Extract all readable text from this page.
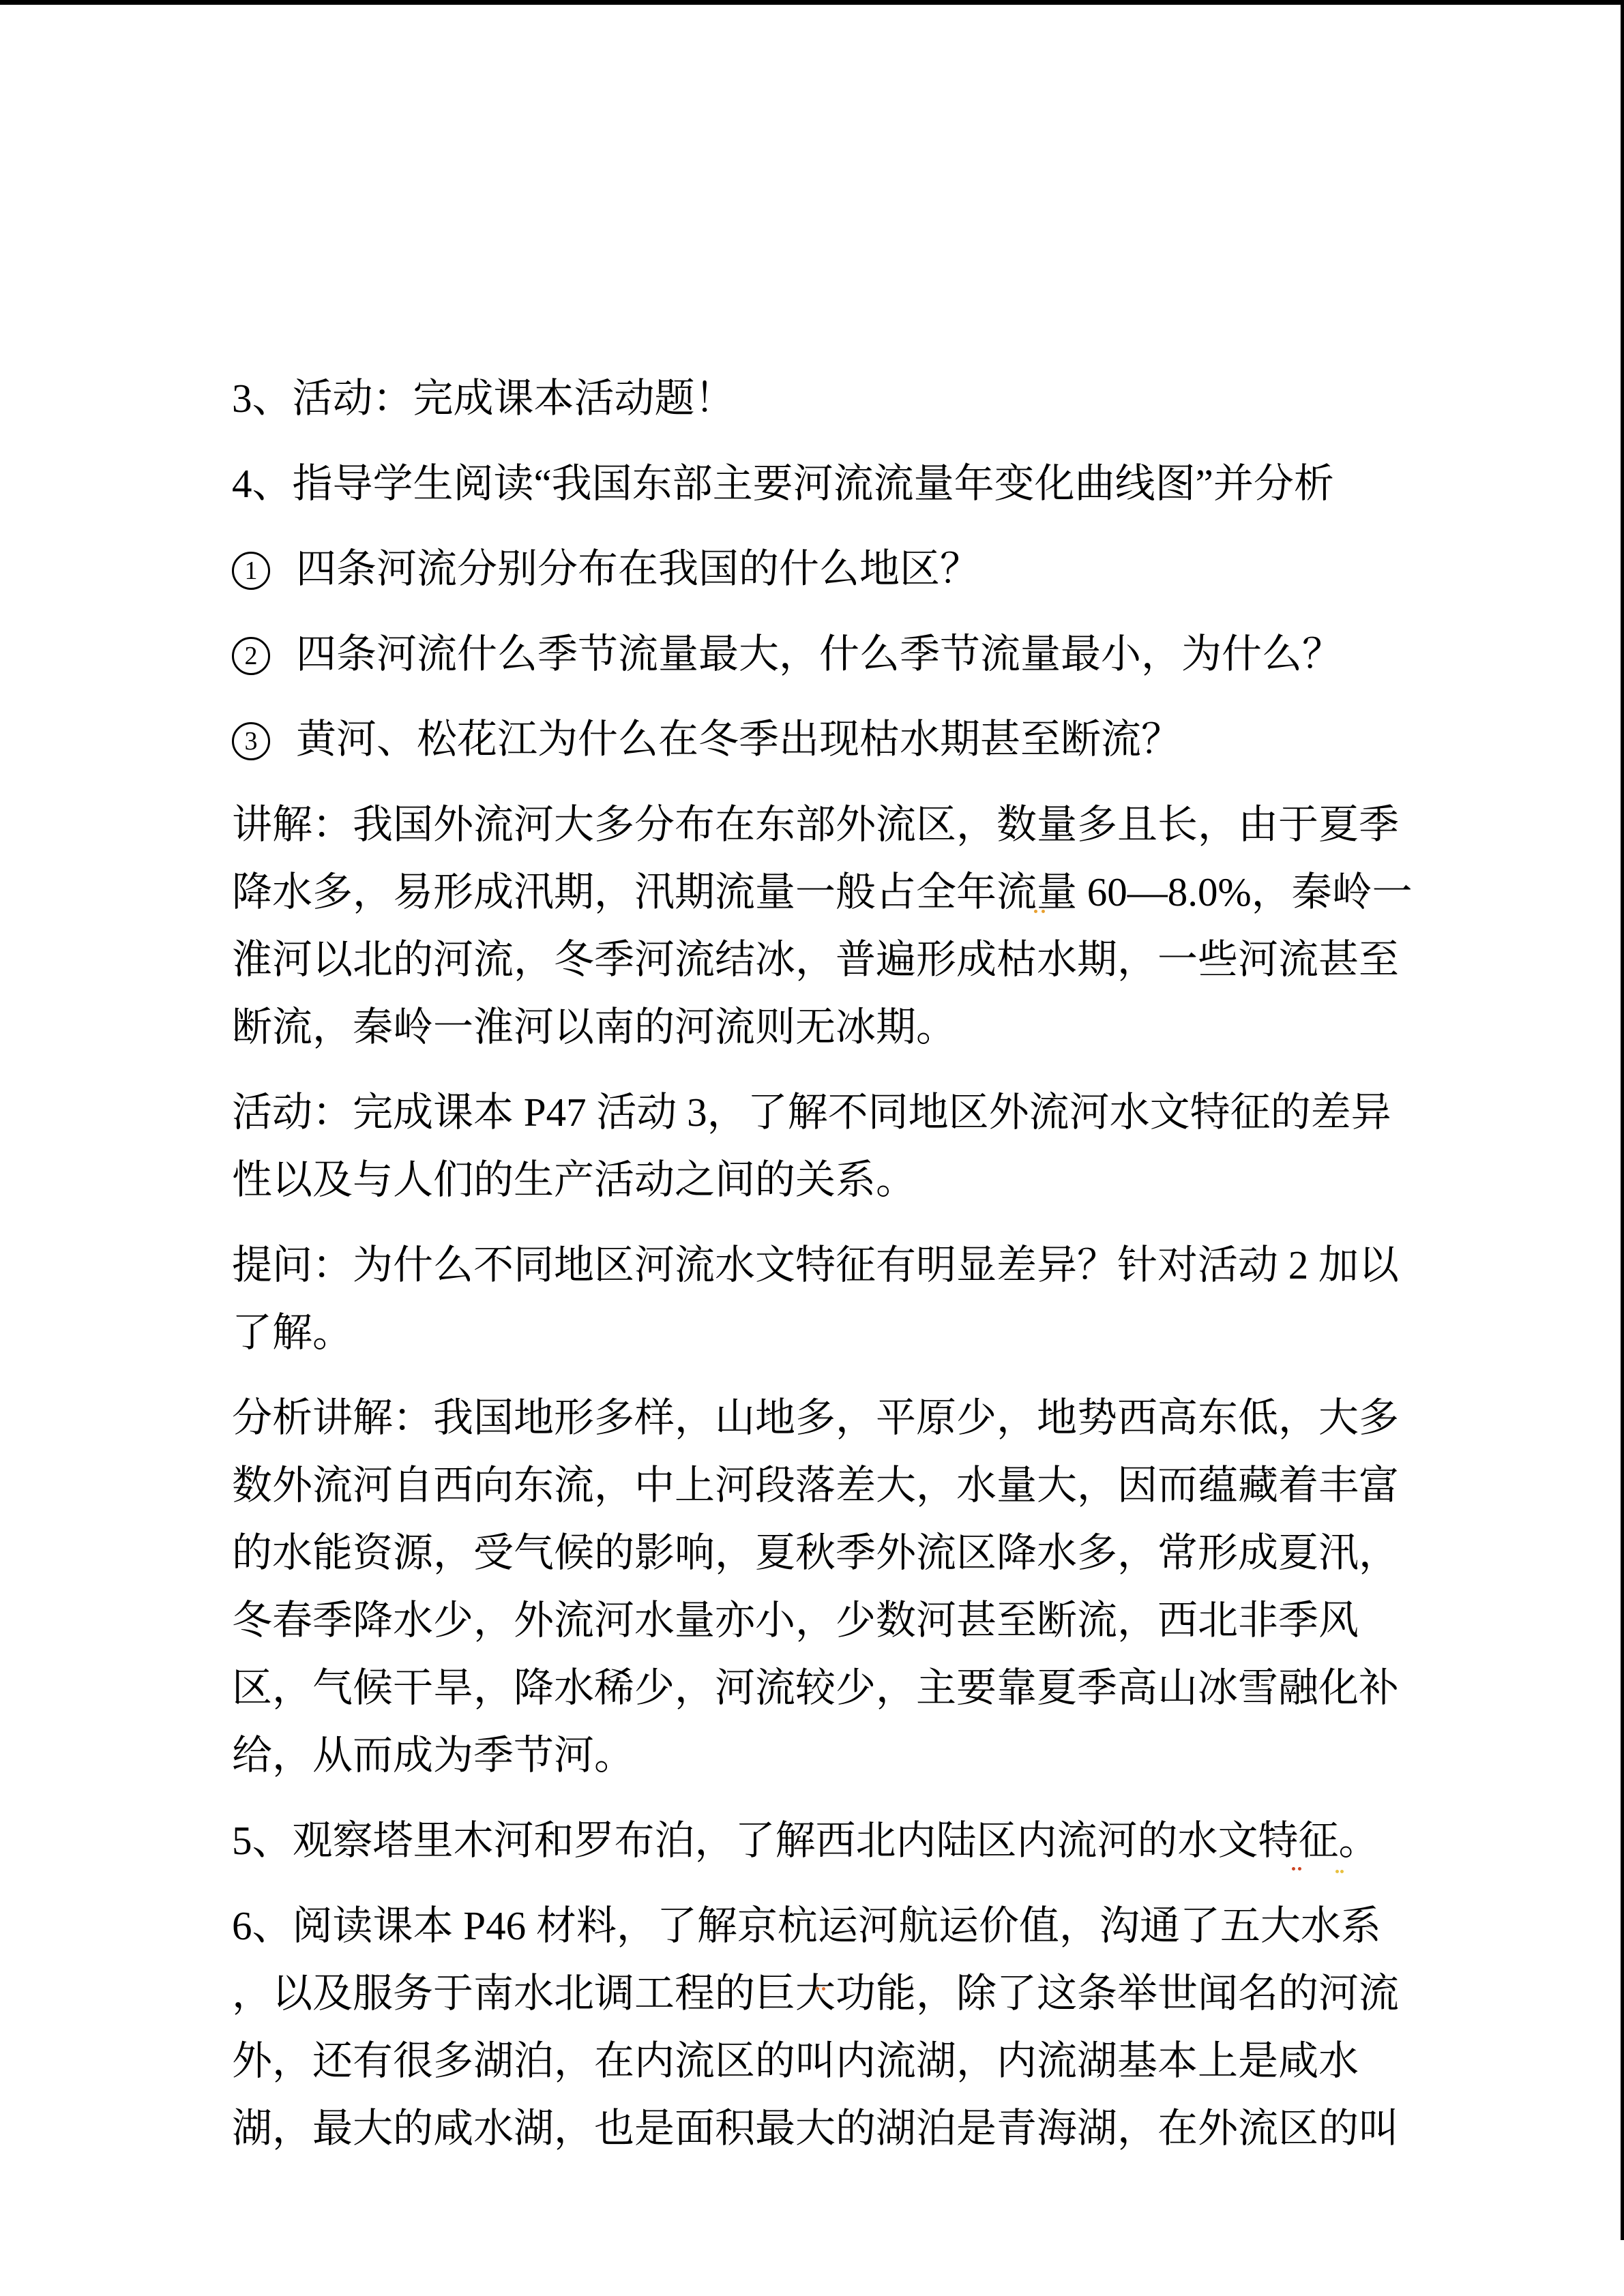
3、活动：完成课本活动题！
4、指导学生阅读“我国东部主要河流流量年变化曲线图”并分析
1 四条河流分别分布在我国的什么地区？
2 四条河流什么季节流量最大，什么季节流量最小，为什么？
3 黄河、松花江为什么在冬季出现枯水期甚至断流？
讲解：我国外流河大多分布在东部外流区，数量多且长，由于夏季
降水多，易形成汛期，汛期流量一般占全年流量 60—8.0%，秦岭一
淮河以北的河流，冬季河流结冰，普遍形成枯水期，一些河流甚至
断流，秦岭一淮河以南的河流则无冰期。
活动：完成课本 P47 活动 3，了解不同地区外流河水文特征的差异
性以及与人们的生产活动之间的关系。
提问：为什么不同地区河流水文特征有明显差异？针对活动 2 加以
了解。
分析讲解：我国地形多样，山地多，平原少，地势西高东低，大多
数外流河自西向东流，中上河段落差大，水量大，因而蕴藏着丰富
的水能资源，受气候的影响，夏秋季外流区降水多，常形成夏汛，
冬春季降水少，外流河水量亦小，少数河甚至断流，西北非季风
区，气候干旱，降水稀少，河流较少，主要靠夏季高山冰雪融化补
给，从而成为季节河。
5、观察塔里木河和罗布泊，了解西北内陆区内流河的水文特征。
6、阅读课本 P46 材料，了解京杭运河航运价值，沟通了五大水系
，以及服务于南水北调工程的巨大功能，除了这条举世闻名的河流
外，还有很多湖泊，在内流区的叫内流湖，内流湖基本上是咸水
湖，最大的咸水湖，也是面积最大的湖泊是青海湖，在外流区的叫
